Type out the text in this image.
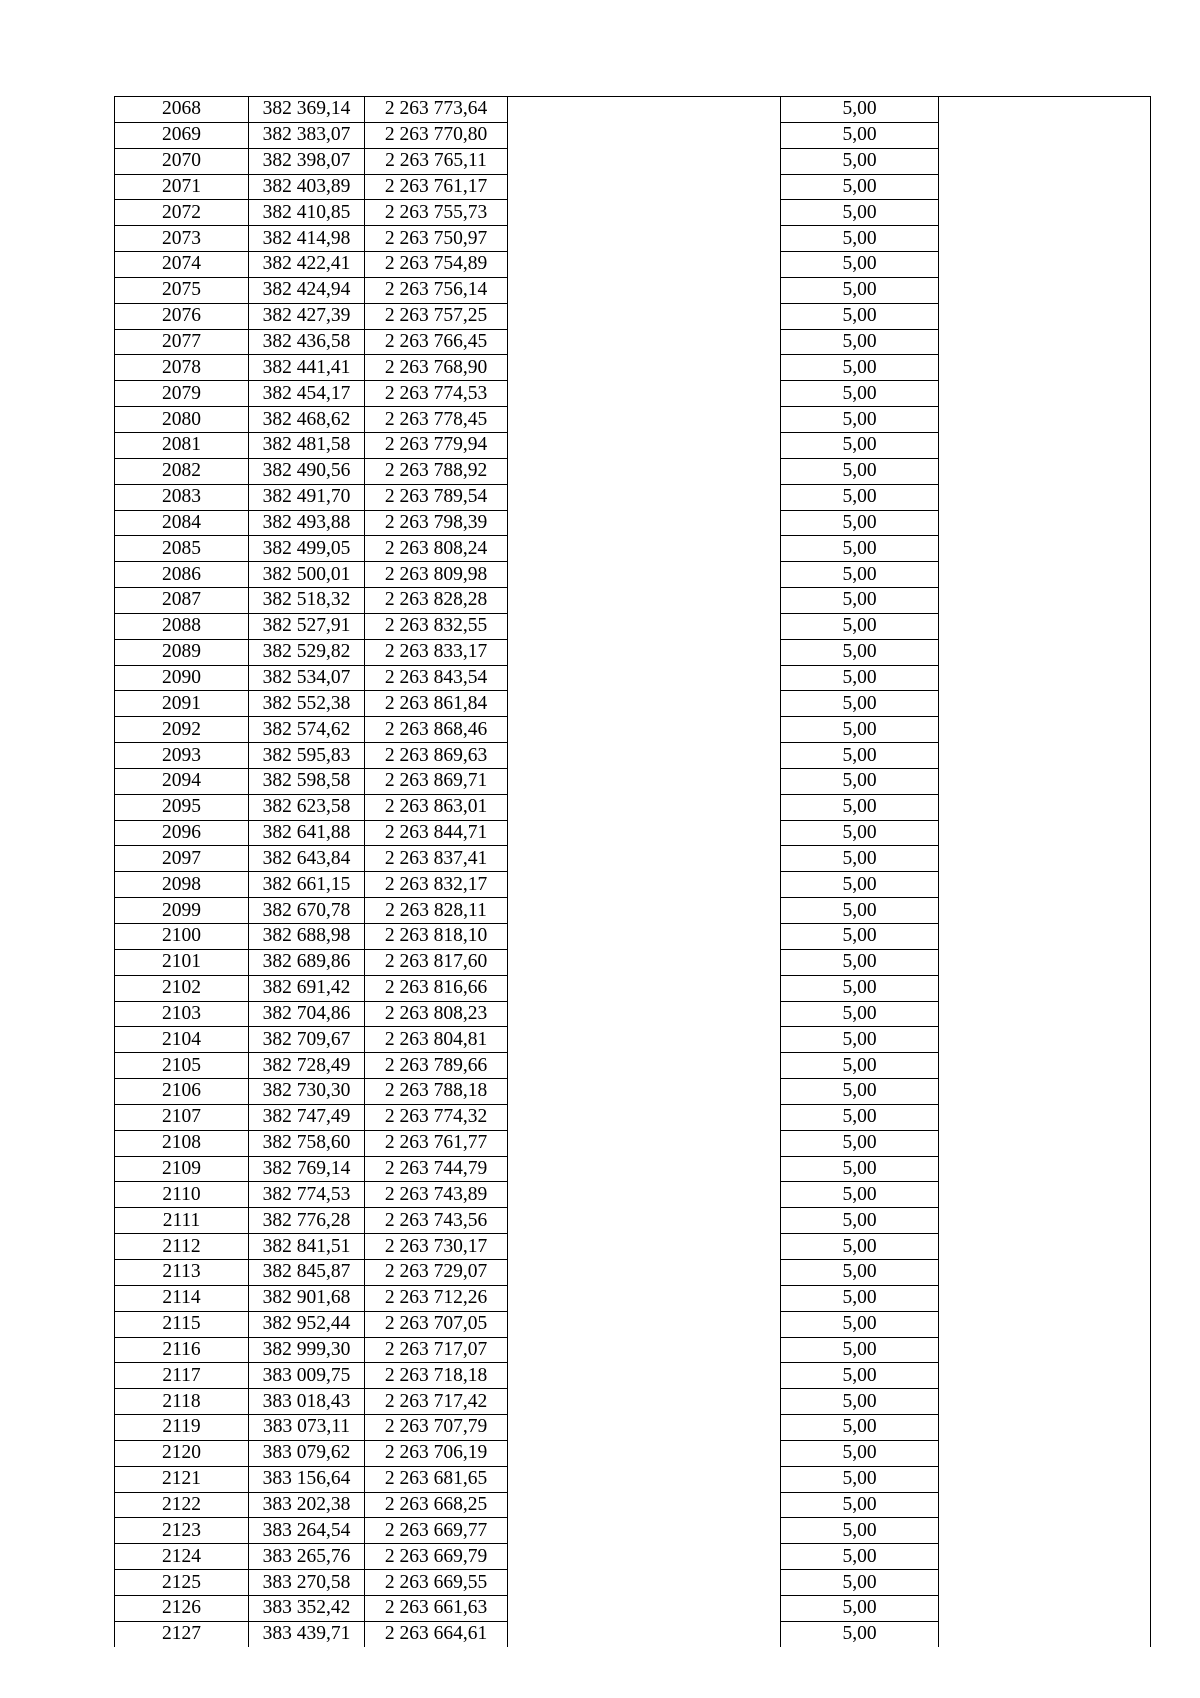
2068	382 369,14	2 263 773,64		5,00	
2069	382 383,07	2 263 770,80		5,00	
2070	382 398,07	2 263 765,11		5,00	
2071	382 403,89	2 263 761,17		5,00	
2072	382 410,85	2 263 755,73		5,00	
2073	382 414,98	2 263 750,97		5,00	
2074	382 422,41	2 263 754,89		5,00	
2075	382 424,94	2 263 756,14		5,00	
2076	382 427,39	2 263 757,25		5,00	
2077	382 436,58	2 263 766,45		5,00	
2078	382 441,41	2 263 768,90		5,00	
2079	382 454,17	2 263 774,53		5,00	
2080	382 468,62	2 263 778,45		5,00	
2081	382 481,58	2 263 779,94		5,00	
2082	382 490,56	2 263 788,92		5,00	
2083	382 491,70	2 263 789,54		5,00	
2084	382 493,88	2 263 798,39		5,00	
2085	382 499,05	2 263 808,24		5,00	
2086	382 500,01	2 263 809,98		5,00	
2087	382 518,32	2 263 828,28		5,00	
2088	382 527,91	2 263 832,55		5,00	
2089	382 529,82	2 263 833,17		5,00	
2090	382 534,07	2 263 843,54		5,00	
2091	382 552,38	2 263 861,84		5,00	
2092	382 574,62	2 263 868,46		5,00	
2093	382 595,83	2 263 869,63		5,00	
2094	382 598,58	2 263 869,71		5,00	
2095	382 623,58	2 263 863,01		5,00	
2096	382 641,88	2 263 844,71		5,00	
2097	382 643,84	2 263 837,41		5,00	
2098	382 661,15	2 263 832,17		5,00	
2099	382 670,78	2 263 828,11		5,00	
2100	382 688,98	2 263 818,10		5,00	
2101	382 689,86	2 263 817,60		5,00	
2102	382 691,42	2 263 816,66		5,00	
2103	382 704,86	2 263 808,23		5,00	
2104	382 709,67	2 263 804,81		5,00	
2105	382 728,49	2 263 789,66		5,00	
2106	382 730,30	2 263 788,18		5,00	
2107	382 747,49	2 263 774,32		5,00	
2108	382 758,60	2 263 761,77		5,00	
2109	382 769,14	2 263 744,79		5,00	
2110	382 774,53	2 263 743,89		5,00	
2111	382 776,28	2 263 743,56		5,00	
2112	382 841,51	2 263 730,17		5,00	
2113	382 845,87	2 263 729,07		5,00	
2114	382 901,68	2 263 712,26		5,00	
2115	382 952,44	2 263 707,05		5,00	
2116	382 999,30	2 263 717,07		5,00	
2117	383 009,75	2 263 718,18		5,00	
2118	383 018,43	2 263 717,42		5,00	
2119	383 073,11	2 263 707,79		5,00	
2120	383 079,62	2 263 706,19		5,00	
2121	383 156,64	2 263 681,65		5,00	
2122	383 202,38	2 263 668,25		5,00	
2123	383 264,54	2 263 669,77		5,00	
2124	383 265,76	2 263 669,79		5,00	
2125	383 270,58	2 263 669,55		5,00	
2126	383 352,42	2 263 661,63		5,00	
2127	383 439,71	2 263 664,61		5,00	
